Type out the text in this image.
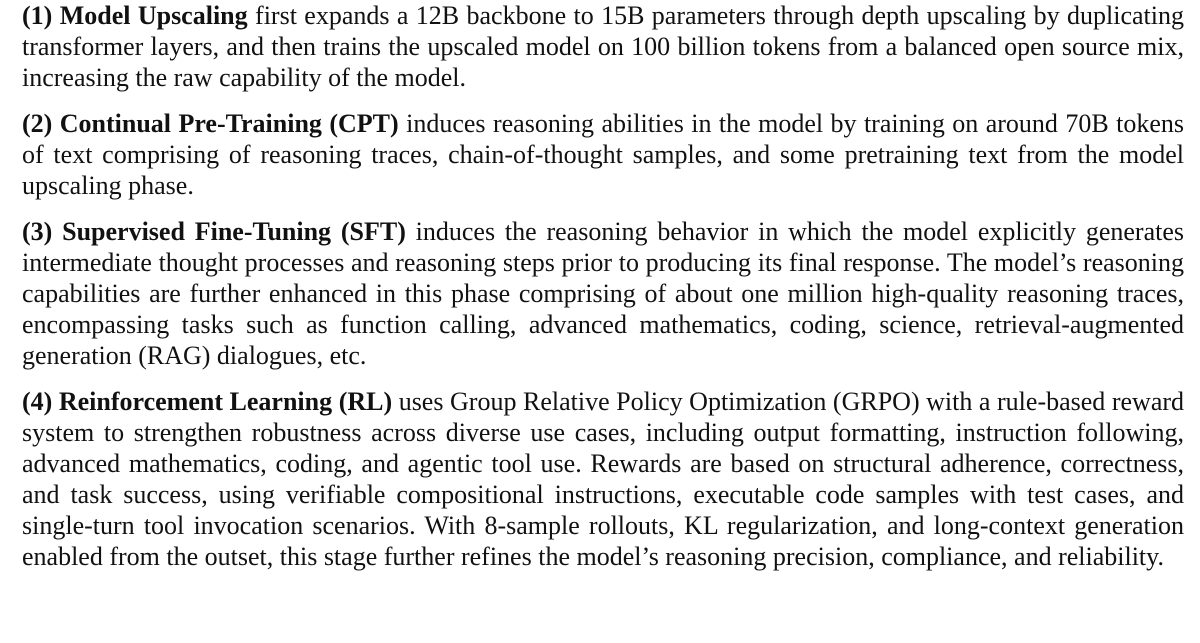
(1) Model Upscaling first expands a 12B backbone to 15B parameters through depth upscaling by duplicating transformer layers, and then trains the upscaled model on 100 billion tokens from a balanced open source mix, increasing the raw capability of the model.

(2) Continual Pre-Training (CPT) induces reasoning abilities in the model by training on around 70B tokens of text comprising of reasoning traces, chain-of-thought samples, and some pretraining text from the model upscaling phase.

(3) Supervised Fine-Tuning (SFT) induces the reasoning behavior in which the model explicitly generates intermediate thought processes and reasoning steps prior to producing its final response. The model’s reasoning capabilities are further enhanced in this phase comprising of about one million high-quality reasoning traces, encompassing tasks such as function calling, advanced mathematics, coding, science, retrieval-augmented generation (RAG) dialogues, etc.

(4) Reinforcement Learning (RL) uses Group Relative Policy Optimization (GRPO) with a rule-based reward system to strengthen robustness across diverse use cases, including output formatting, instruction following, advanced mathematics, coding, and agentic tool use. Rewards are based on structural adherence, correctness, and task success, using verifiable compositional instructions, executable code samples with test cases, and single-turn tool invocation scenarios. With 8-sample rollouts, KL regularization, and long-context generation enabled from the outset, this stage further refines the model’s reasoning precision, compliance, and reliability.
